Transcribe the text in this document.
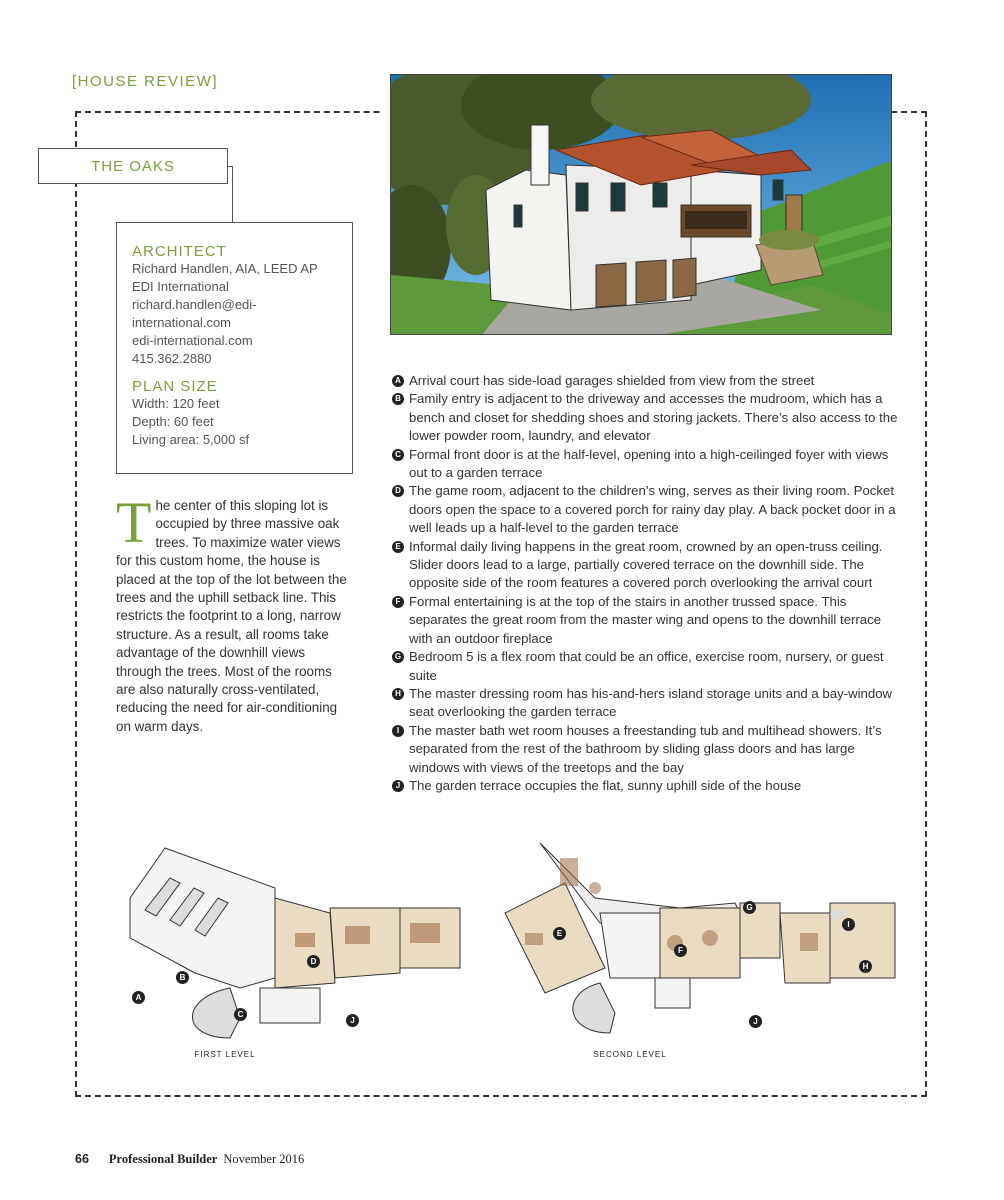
[HOUSE REVIEW]
THE OAKS
ARCHITECT
Richard Handlen, AIA, LEED AP
EDI International
richard.handlen@edi-
international.com
edi-international.com
415.362.2880
PLAN SIZE
Width: 120 feet
Depth: 60 feet
Living area: 5,000 sf
The center of this sloping lot is occupied by three massive oak trees. To maximize water views for this custom home, the house is placed at the top of the lot between the trees and the uphill setback line. This restricts the footprint to a long, narrow structure. As a result, all rooms take advantage of the downhill views through the trees. Most of the rooms are also naturally cross-ventilated, reducing the need for air-conditioning on warm days.
A Arrival court has side-load garages shielded from view from the street
B Family entry is adjacent to the driveway and accesses the mudroom, which has a bench and closet for shedding shoes and storing jackets. There’s also access to the lower powder room, laundry, and elevator
C Formal front door is at the half-level, opening into a high-ceilinged foyer with views out to a garden terrace
D The game room, adjacent to the children’s wing, serves as their living room. Pocket doors open the space to a covered porch for rainy day play. A back pocket door in a well leads up a half-level to the garden terrace
E Informal daily living happens in the great room, crowned by an open-truss ceiling. Slider doors lead to a large, partially covered terrace on the downhill side. The opposite side of the room features a covered porch overlooking the arrival court
F Formal entertaining is at the top of the stairs in another trussed space. This separates the great room from the master wing and opens to the downhill terrace with an outdoor fireplace
G Bedroom 5 is a flex room that could be an office, exercise room, nursery, or guest suite
H The master dressing room has his-and-hers island storage units and a bay-window seat overlooking the garden terrace
I The master bath wet room houses a freestanding tub and multihead showers. It’s separated from the rest of the bathroom by sliding glass doors and has large windows with views of the treetops and the bay
J The garden terrace occupies the flat, sunny uphill side of the house
FIRST LEVEL
A
B
C
D
J
SECOND LEVEL
E
F
G
H
I
J
66 Professional Builder November 2016
